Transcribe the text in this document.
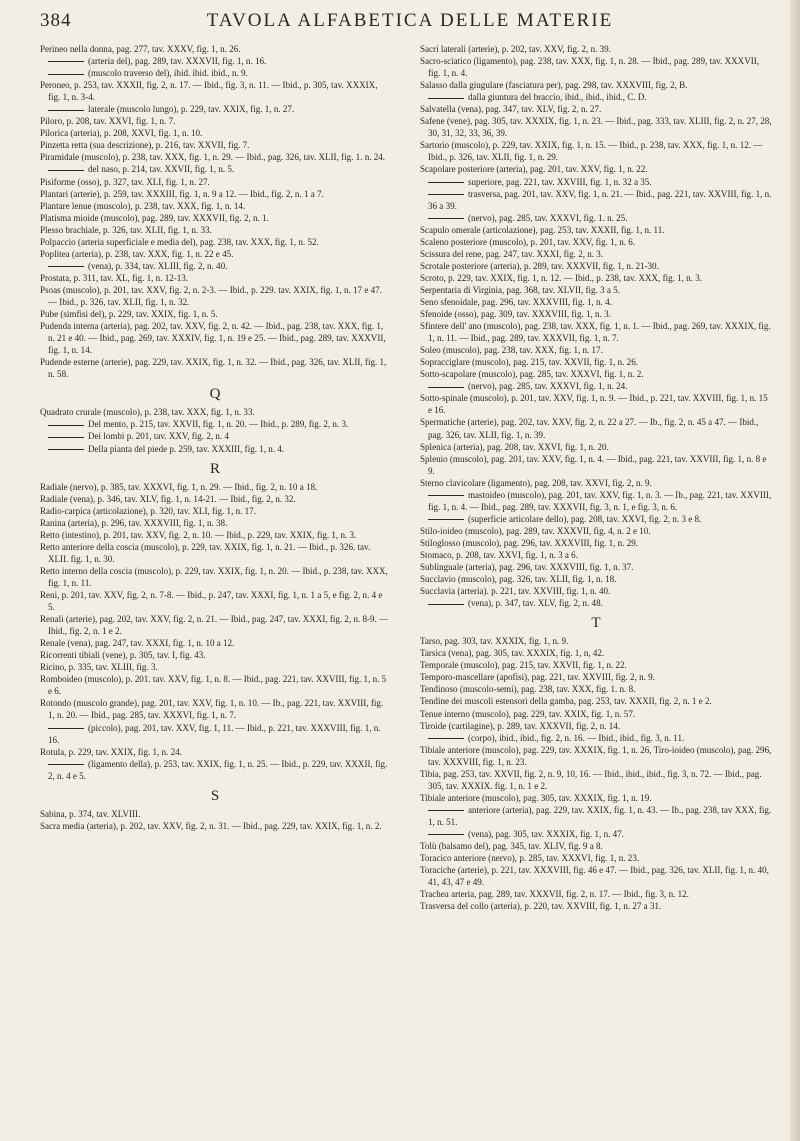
384	TAVOLA ALFABETICA DELLE MATERIE
Perineo nella donna, pag. 277, tav. XXXV, fig. 1, n. 26.
(arteria del), pag. 289, tav. XXXVII, fig. 1, n. 16.
(muscolo traverso del), ibid. ibid. ibid., n. 9.
Peroneo, p. 253, tav. XXXII, fig. 2, n. 17. — Ibid., fig. 3, n. 11. — Ibid., p. 305, tav. XXXIX, fig. 1, n. 3-4.
laterale (muscolo lungo), p. 229, tav. XXIX, fig. 1, n. 27.
Piloro, p. 208, tav. XXVI, fig. 1, n. 7.
Pilorica (arteria), p. 208, XXVI, fig. 1, n. 10.
Pinzetta retta (sua descrizione), p. 216, tav. XXVII, fig. 7.
Piramidale (muscolo), p. 238, tav. XXX, fig. 1, n. 29. — Ibid., pag. 326, tav. XLII, fig. 1. n. 24.
del naso, p. 214, tav. XXVII, fig. 1, n. 5.
Pisiforme (osso), p. 327, tav. XLI, fig. 1, n. 27.
Plantari (arterie), p. 259, tav. XXXIII, fig. 1, n. 9 a 12. — Ibid., fig. 2, n. 1 a 7.
Plantare lenue (muscolo), p. 238, tav. XXX, fig. 1, n. 14.
Platisma mioide (muscolo), pag. 289, tav. XXXVII, fig. 2, n. 1.
Plesso brachiale, p. 326, tav. XLII, fig. 1, n. 33.
Polpaccio (arteria superficiale e media del), pag. 238, tav. XXX, fig. 1, n. 52.
Poplitea (arteria), p. 238, tav. XXX, fig. 1, n. 22 e 45.
(vena), p. 334, tav. XLIII, fig. 2, n. 40.
Prostata, p. 311, tav. XL, fig. 1, n. 12-13.
Psoas (muscolo), p. 201, tav. XXV, fig. 2, n. 2-3. — Ibid., p. 229. tav. XXIX, fig. 1, n. 17 e 47. — Ibid., p. 326, tav. XLII, fig. 1, n. 32.
Pube (simfisi del), p. 229, tav. XXIX, fig. 1, n. 5.
Pudenda interna (arteria), pag. 202, tav. XXV, fig. 2, n. 42. — Ibid., pag. 238, tav. XXX, fig. 1, n. 21 e 40. — Ibid., pag. 269, tav. XXXIV, fig. 1, n. 19 e 25. — Ibid., pag. 289, tav. XXXVII, fig. 1, n. 14.
Pudende esterne (arterie), pag. 229, tav. XXIX, fig. 1, n. 32. — Ibid., pag. 326, tav. XLII, fig. 1, n. 58.
Q
Quadrato crurale (muscolo), p. 238, tav. XXX, fig. 1, n. 33.
Del mento, p. 215, tav. XXVII, fig. 1, n. 20. — Ibid., p. 289, fig. 2, n. 3.
Dei lombi p. 201, tav. XXV, fig. 2, n. 4
Della pianta del piede p. 259, tav. XXXIII, fig. 1, n. 4.
R
Radiale (nervo), p. 385, tav. XXXVI, fig. 1, n. 29. — Ibid., fig. 2, n. 10 a 18.
Radiale (vena), p. 346, tav. XLV, fig. 1, n. 14-21. — Ibid., fig. 2, n. 32.
Radio-carpica (articolazione), p. 320, tav. XLI, fig. 1, n. 17.
Ranina (arteria), p. 296, tav. XXXVIII, fig. 1, n. 38.
Retto (intestino), p. 201, tav. XXV, fig. 2, n. 10. — Ibid., p. 229, tav. XXIX, fig. 1, n. 3.
Retto anteriore della coscia (muscolo), p. 229, tav. XXIX, fig. 1, n. 21. — Ibid., p. 326. tav. XLII. fig. 1, n. 30.
Retto interno della coscia (muscolo), p. 229, tav. XXIX, fig. 1, n. 20. — Ibid., p. 238, tav. XXX, fig. 1, n. 11.
Reni, p. 201, tav. XXV, fig. 2, n. 7-8. — Ibid., p. 247, tav. XXXI, fig. 1, n. 1 a 5, e fig. 2, n. 4 e 5.
Renali (arterie), pag. 202, tav. XXV, fig. 2, n. 21. — Ibid., pag. 247, tav. XXXI, fig. 2, n. 8-9. — Ibid., fig. 2, n. 1 e 2.
Renale (vena), pag. 247, tav. XXXI, fig. 1, n. 10 a 12.
Ricorrenti tibiali (vene), p. 305, tav. I, fig. 43.
Ricino, p. 335, tav. XLIII, fig. 3.
Romboideo (muscolo), p. 201. tav. XXV, fig. 1, n. 8. — Ibid., pag. 221, tav. XXVIII, fig. 1, n. 5 e 6.
Rotondo (muscolo grande), pag. 201, tav. XXV, fig. 1, n. 10. — Ib., pag. 221, tav. XXVIII, fig. 1, n. 20. — Ibid., pag. 285, tav. XXXVI, fig. 1, n. 7.
(piccolo), pag. 201, tav. XXV, fig. 1, 11. — Ibid., p. 221, tav. XXXVIII, fig. 1, n. 16.
Rotula, p. 229, tav. XXIX, fig. 1, n. 24.
(ligamento della), p. 253, tav. XXIX, fig. 1, n. 25. — Ibid., p. 229, tav. XXXII, fig. 2, n. 4 e 5.
S
Sabina, p. 374, tav. XLVIII.
Sacra media (arteria), p. 202, tav. XXV, fig. 2, n. 31. — Ibid., pag. 229, tav. XXIX, fig. 1, n. 2.
Sacri laterali (arterie), p. 202, tav. XXV, fig. 2, n. 39.
Sacro-sciatico (ligamento), pag. 238, tav. XXX, fig. 1, n. 28. — Ibid., pag. 289, tav. XXXVII, fig. 1, n. 4.
Salasso dalla giugulare (fasciatura per), pag. 298, tav. XXXVIII, fig. 2, B.
dalla giuntura del braccio, ibid., ibid., ibid., C. D.
Salvatella (vena), pag. 347, tav. XLV, fig. 2, n. 27.
Safene (vene), pag. 305, tav. XXXIX, fig. 1, n. 23. — Ibid., pag. 333, tav. XLIII, fig. 2, n. 27, 28, 30, 31, 32, 33, 36, 39.
Sartorio (muscolo), p. 229, tav. XXIX, fig. 1, n. 15. — Ibid., p. 238, tav. XXX, fig. 1, n. 12. — Ibid., p. 326, tav. XLII, fig. 1, n. 29.
Scapolare posteriore (arteria), pag. 201, tav. XXV, fig. 1, n. 22.
superiore, pag. 221, tav. XXVIII, fig. 1, n. 32 a 35.
trasversa, pag. 201, tav. XXV, fig. 1, n. 21. — Ibid., pag. 221, tav. XXVIII, fig. 1, n. 36 a 39.
(nervo), pag. 285, tav. XXXVI, fig. 1. n. 25.
Scapulo omerale (articolazione), pag. 253, tav. XXXII, fig. 1, n. 11.
Scaleno posteriore (muscolo), p. 201, tav. XXV, fig. 1, n. 6.
Scissura del rene, pag. 247, tav. XXXI, fig. 2, n. 3.
Scrotale posteriore (arteria), p. 289, tav. XXXVII, fig. 1, n. 21-30.
Scroto, p. 229, tav. XXIX, fig. 1, n. 12. — Ibid., p. 238, tav. XXX, fig. 1, n. 3.
Serpentaria di Virginia, pag. 368, tav. XLVII, fig. 3 a 5.
Seno sfenoidale, pag. 296, tav. XXXVIII, fig. 1, n. 4.
Sfenoide (osso), pag. 309, tav. XXXVIII, fig. 1, n. 3.
Sfintere dell' ano (muscolo), pag. 238, tav. XXX, fig. 1, n. 1. — Ibid., pag. 269, tav. XXXIX, fig. 1, n. 11. — Ibid., pag. 289, tav. XXXVII, fig. 1, n. 7.
Soleo (muscolo), pag. 238, tav. XXX, fig. 1, n. 17.
Sopracciglare (muscolo), pag. 215, tav. XXVII, fig. 1, n. 26.
Sotto-scapolare (muscolo), pag. 285, tav. XXXVI, fig. 1, n. 2.
(nervo), pag. 285, tav. XXXVI, fig. 1, n. 24.
Sotto-spinale (muscolo), p. 201, tav. XXV, fig. 1, n. 9. — Ibid., p. 221, tav. XXVIII, fig. 1, n. 15 e 16.
Spermatiche (arterie), pag. 202, tav. XXV, fig. 2, n. 22 a 27. — Ib., fig. 2, n. 45 a 47. — Ibid., pag. 326, tav. XLII, fig. 1, n. 39.
Splenica (arteria), pag. 208, tav. XXVI, fig. 1, n. 20.
Splenio (muscolo), pag. 201, tav. XXV, fig. 1, n. 4. — Ibid., pag. 221, tav. XXVIII, fig. 1, n. 8 e 9.
Sterno clavicolare (ligamento), pag. 208, tav. XXVI, fig. 2, n. 9.
mastoideo (muscolo), pag. 201, tav. XXV, fig. 1, n. 3. — Ib., pag. 221, tav. XXVIII, fig. 1, n. 4. — Ibid., pag. 289, tav. XXXVII, fig. 3, n. 1, e fig. 3, n. 6.
(superficie articolare dello), pag. 208, tav. XXVI, fig. 2, n. 3 e 8.
Stilo-ioideo (muscolo), pag. 289, tav. XXXVII, fig. 4, n. 2 e 10.
Stiloglosso (muscolo), pag. 296, tav. XXXVIII, fig. 1, n. 29.
Stomaco, p. 208, tav. XXVI, fig. 1, n. 3 a 6.
Sublinguale (arteria), pag. 296, tav. XXXVIII, fig. 1, n. 37.
Succlavio (muscolo), pag. 326, tav. XLII, fig. 1, n. 18.
Succlavia (arteria). p. 221, tav. XXVIII, fig. 1, n. 40.
(vena), p. 347, tav. XLV, fig. 2, n. 48.
T
Tarso, pag. 303, tav. XXXIX, fig. 1, n. 9.
Tarsica (vena), pag. 305, tav. XXXIX, fig. 1, n, 42.
Temporale (muscolo), pag. 215, tav. XXVII, fig. 1, n. 22.
Temporo-mascellare (apofisi), pag. 221, tav. XXVIII, fig. 2, n. 9.
Tendinoso (muscolo-semi), pag. 238, tav. XXX, fig. 1. n. 8.
Tendine dei muscoli estensori della gamba, pag. 253, tav. XXXII, fig. 2, n. 1 e 2.
Tenue interno (muscolo), pag. 229, tav. XXIX, fig. 1, n. 57.
Tiroide (cartilagine), p. 289, tav. XXXVII, fig. 2, n. 14.
(corpo), ibid., ibid., fig. 2, n. 16. — Ibid., ibid., fig. 3, n. 11.
Tibiale anteriore (muscolo), pag. 229, tav. XXXIX, fig. 1, n. 26, Tiro-ioideo (muscolo), pag. 296, tav. XXXVIII, fig. 1, n. 23.
Tibia, pag. 253, tav. XXVII, fig. 2, n. 9, 10, 16. — Ibid., ibid., ibid., fig. 3, n. 72. — Ibid., pag. 305, tav. XXXIX. fig. 1, n. 1 e 2.
Tibiale anteriore (muscolo), pag. 305, tav. XXXIX, fig. 1, n. 19.
anteriore (arteria), pag. 229, tav. XXIX, fig. 1, n. 43. — Ib., pag. 238, tav XXX, fig. 1, n. 51.
(vena), pag. 305, tav. XXXIX, fig. 1, n. 47.
Tolù (balsamo del), pag. 345, tav. XLIV, fig. 9 a 8.
Toracico anteriore (nervo), p. 285, tav. XXXVI, fig. 1, n. 23.
Toraciche (arterie), p. 221, tav. XXXVIII, fig. 46 e 47. — Ibid., pag. 326, tav. XLII, fig. 1, n. 40, 41, 43, 47 e 49.
Trachea arteria, pag. 289, tav. XXXVII, fig. 2, n. 17. — Ibid., fig. 3, n. 12.
Trasversa del collo (arteria), p. 220, tav. XXVIII, fig. 1, n. 27 a 31.
